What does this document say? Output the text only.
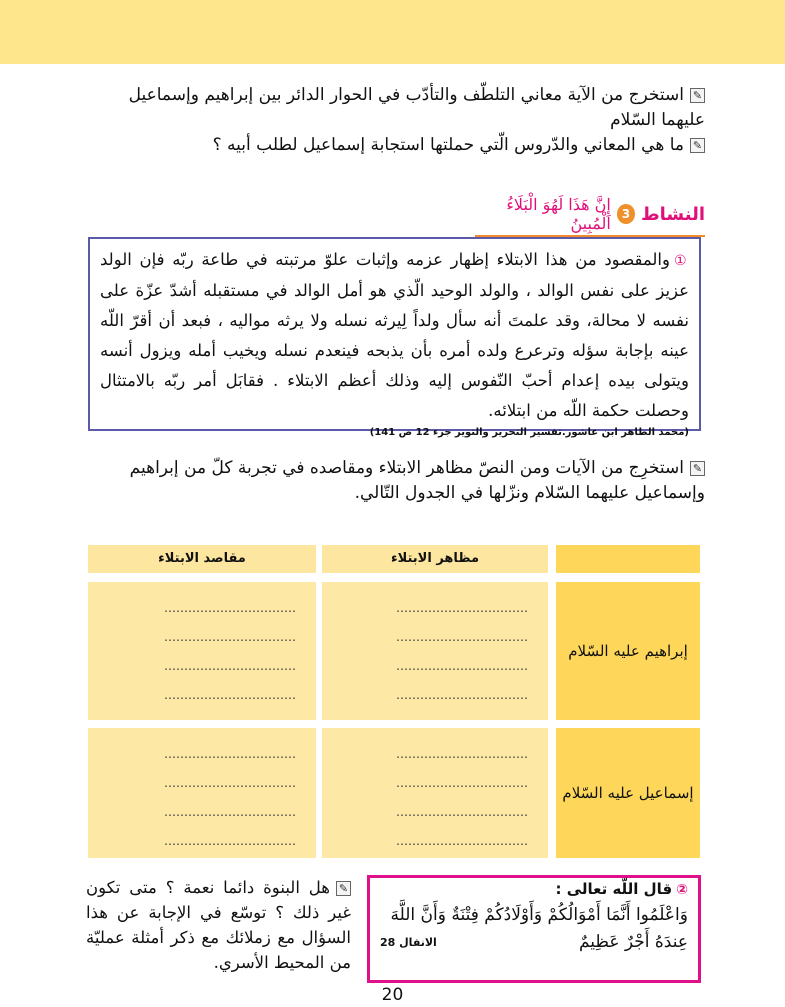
✎استخرج من الآية معاني التلطّف والتأدّب في الحوار الدائر بين إبراهيم وإسماعيل عليهما السّلام
✎ما هي المعاني والدّروس الّتي حملتها استجابة إسماعيل لطلب أبيه ؟
النشاط
3
إِنَّ هَذَا لَهُوَ الْبَلَاءُ الْمُبِينُ
①والمقصود من هذا الابتلاء إظهار عزمه وإثبات علوّ مرتبته في طاعة ربّه فإن الولد عزيز على نفس الوالد ، والولد الوحيد الّذي هو أمل الوالد في مستقبله أشدّ عزّة على نفسه لا محالة، وقد علمتَ أنه سأل ولداً لِيرثه نسله ولا يرثه مواليه ، فبعد أن أقرّ اللّه عينه بإجابة سؤله وترعرع ولده أمره بأن يذبحه فينعدم نسله ويخيب أمله ويزول أنسه ويتولى بيده إعدام أحبّ النّفوس إليه وذلك أعظم الابتلاء . فقابَل أمر ربّه بالامتثال وحصلت حكمة اللّه من ابتلائه.
(محمد الطاهر ابن عاشور.تفسير التحرير والتوير جزء 12 ص 141)
✎استخرِج من الآيات ومن النصّ مظاهر الابتلاء ومقاصده في تجربة كلّ من إبراهيم وإسماعيل عليهما السّلام ونزّلها في الجدول التّالي.
مظاهر الابتلاء
مقاصد الابتلاء
إبراهيم عليه السّلام
……………………………
……………………………
……………………………
……………………………
……………………………
……………………………
……………………………
……………………………
إسماعيل عليه السّلام
……………………………
……………………………
……………………………
……………………………
……………………………
……………………………
……………………………
……………………………
✎هل البنوة دائما نعمة ؟ متى تكون غير ذلك ؟ توسّع في الإجابة عن هذا السؤال مع زملائك مع ذكر أمثلة عمليّة من المحيط الأسري.
②قال اللّه تعالى :
وَاعْلَمُوا أَنَّمَا أَمْوَالُكُمْ وَأَوْلَادُكُمْ فِتْنَةٌ وَأَنَّ اللَّهَ
عِندَهُ أَجْرٌ عَظِيمٌ
الانفال 28
20
